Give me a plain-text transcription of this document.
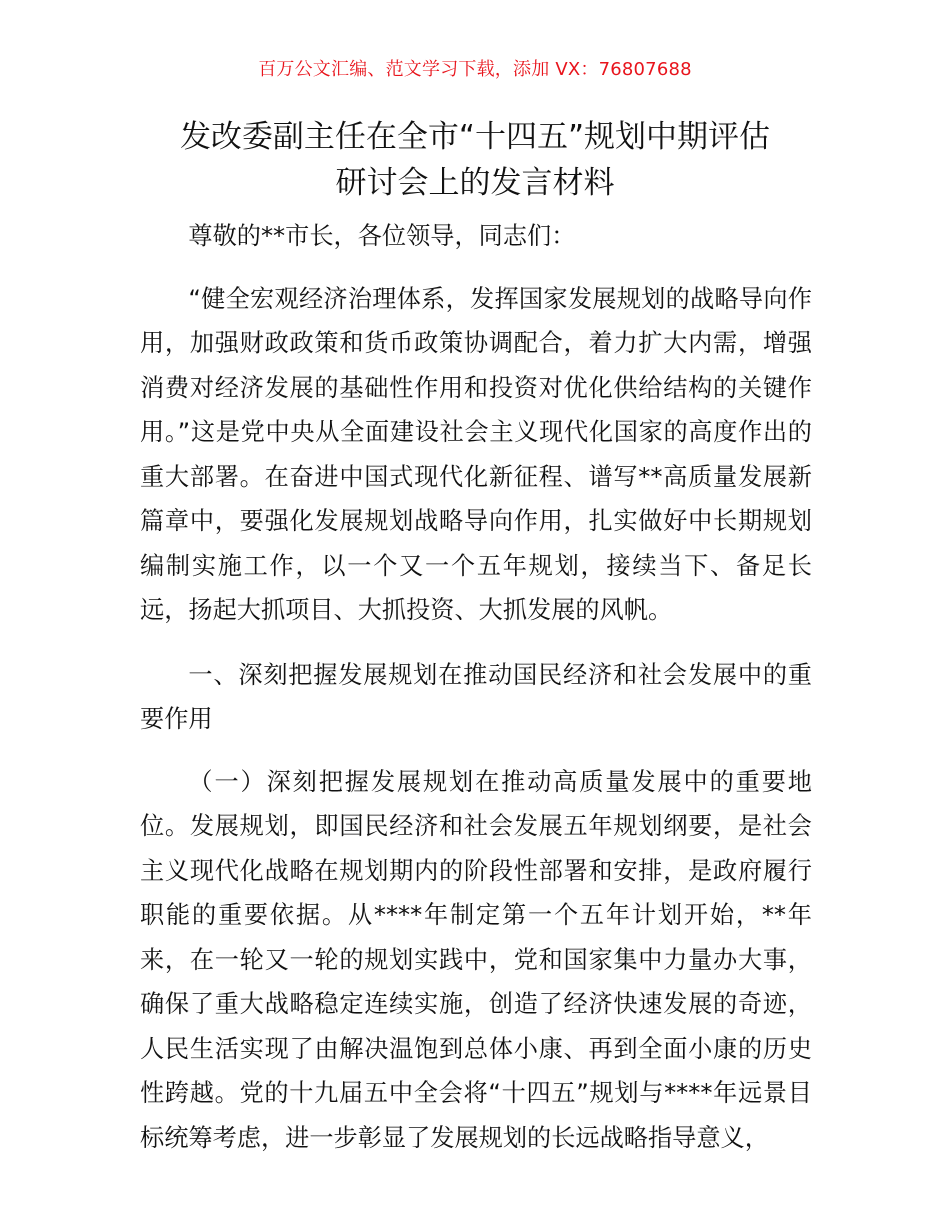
百万公文汇编、范文学习下载，添加 VX：76807688
发改委副主任在全市“十四五”规划中期评估
研讨会上的发言材料

尊敬的**市长，各位领导，同志们：

“健全宏观经济治理体系，发挥国家发展规划的战略导向作用，加强财政政策和货币政策协调配合，着力扩大内需，增强消费对经济发展的基础性作用和投资对优化供给结构的关键作用。”这是党中央从全面建设社会主义现代化国家的高度作出的重大部署。在奋进中国式现代化新征程、谱写**高质量发展新篇章中，要强化发展规划战略导向作用，扎实做好中长期规划编制实施工作，以一个又一个五年规划，接续当下、备足长远，扬起大抓项目、大抓投资、大抓发展的风帆。

一、深刻把握发展规划在推动国民经济和社会发展中的重要作用

（一）深刻把握发展规划在推动高质量发展中的重要地位。发展规划，即国民经济和社会发展五年规划纲要，是社会主义现代化战略在规划期内的阶段性部署和安排，是政府履行职能的重要依据。从****年制定第一个五年计划开始，**年来，在一轮又一轮的规划实践中，党和国家集中力量办大事，确保了重大战略稳定连续实施，创造了经济快速发展的奇迹，人民生活实现了由解决温饱到总体小康、再到全面小康的历史性跨越。党的十九届五中全会将“十四五”规划与****年远景目标统筹考虑，进一步彰显了发展规划的长远战略指导意义，
